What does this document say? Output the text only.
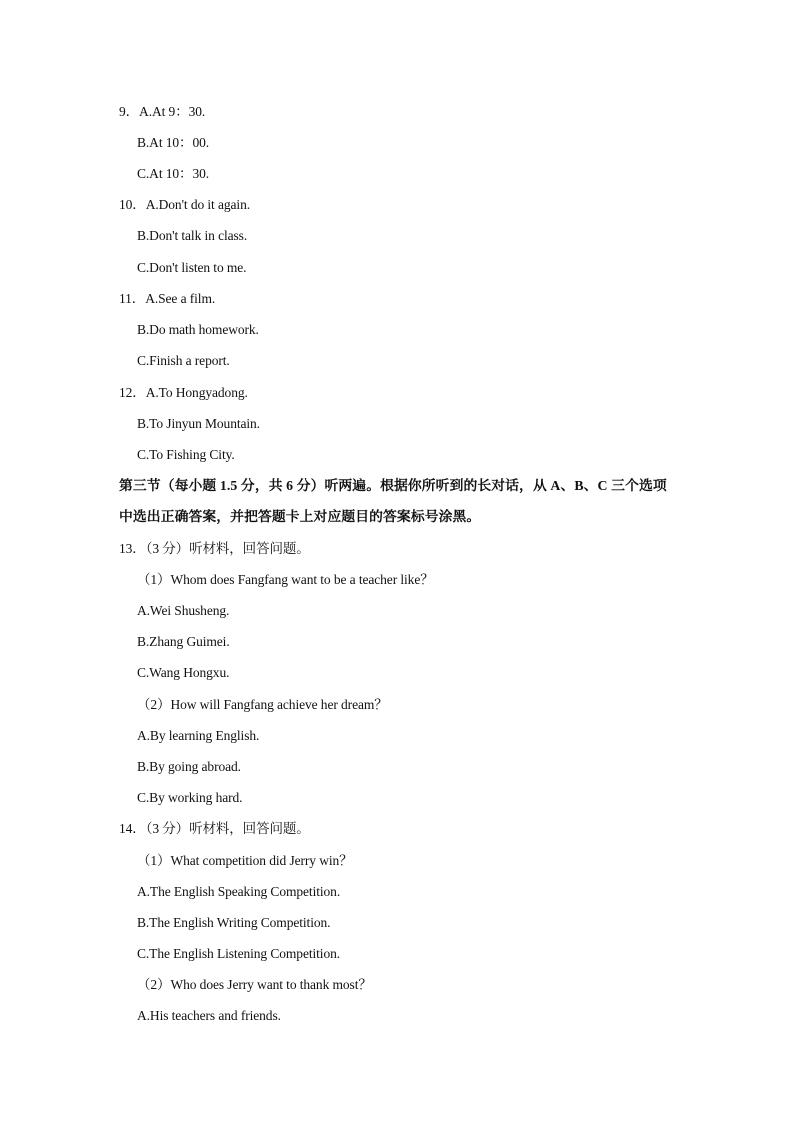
9．A.At 9：30.
B.At 10：00.
C.At 10：30.
10．A.Don't do it again.
B.Don't talk in class.
C.Don't listen to me.
11．A.See a film.
B.Do math homework.
C.Finish a report.
12．A.To Hongyadong.
B.To Jinyun Mountain.
C.To Fishing City.
第三节（每小题 1.5 分，共 6 分）听两遍。根据你所听到的长对话，从 A、B、C 三个选项
中选出正确答案，并把答题卡上对应题目的答案标号涂黑。
13．（3 分）听材料，回答问题。
（1）Whom does Fangfang want to be a teacher like？
A.Wei Shusheng.
B.Zhang Guimei.
C.Wang Hongxu.
（2）How will Fangfang achieve her dream？
A.By learning English.
B.By going abroad.
C.By working hard.
14．（3 分）听材料，回答问题。
（1）What competition did Jerry win？
A.The English Speaking Competition.
B.The English Writing Competition.
C.The English Listening Competition.
（2）Who does Jerry want to thank most？
A.His teachers and friends.
